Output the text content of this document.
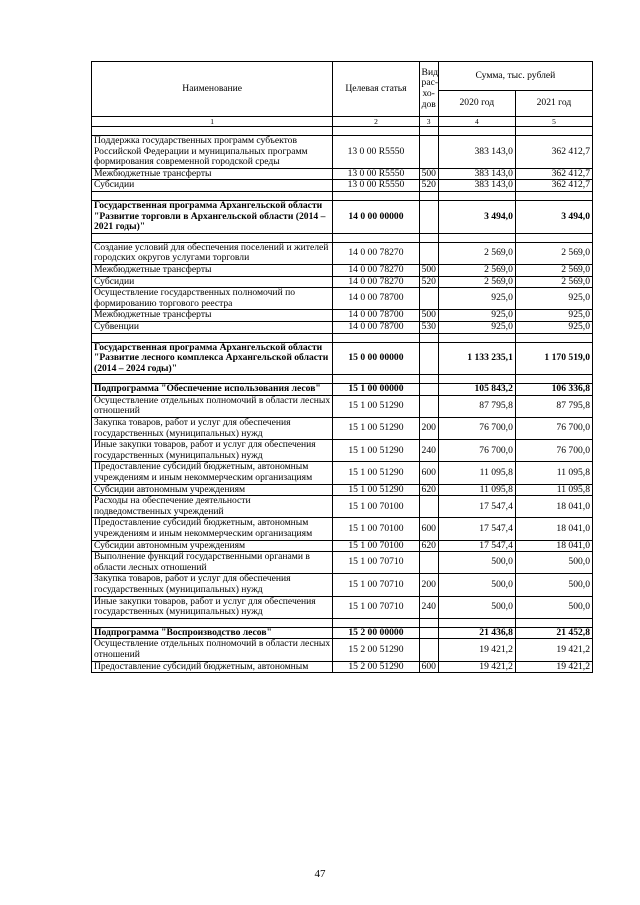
Наименование	Целевая статья	Вид рас-хо-дов	Сумма, тыс. рублей	
			2020 год	2021 год
1	2	3	4	5

Поддержка государственных программ субъектов Российской Федерации и муниципальных программ формирования современной городской среды	13 0 00 R5550		383 143,0	362 412,7
Межбюджетные трансферты	13 0 00 R5550	500	383 143,0	362 412,7
Субсидии	13 0 00 R5550	520	383 143,0	362 412,7

Государственная программа Архангельской области "Развитие торговли в Архангельской области (2014 – 2021 годы)"	14 0 00 00000		3 494,0	3 494,0

Создание условий для обеспечения поселений и жителей городских округов услугами торговли	14 0 00 78270		2 569,0	2 569,0
Межбюджетные трансферты	14 0 00 78270	500	2 569,0	2 569,0
Субсидии	14 0 00 78270	520	2 569,0	2 569,0
Осуществление государственных полномочий по формированию торгового реестра	14 0 00 78700		925,0	925,0
Межбюджетные трансферты	14 0 00 78700	500	925,0	925,0
Субвенции	14 0 00 78700	530	925,0	925,0

Государственная программа Архангельской области "Развитие лесного комплекса Архангельской области (2014 – 2024 годы)"	15 0 00 00000		1 133 235,1	1 170 519,0

Подпрограмма "Обеспечение использования лесов"	15 1 00 00000		105 843,2	106 336,8
Осуществление отдельных полномочий в области лесных отношений	15 1 00 51290		87 795,8	87 795,8
Закупка товаров, работ и услуг для обеспечения государственных (муниципальных) нужд	15 1 00 51290	200	76 700,0	76 700,0
Иные закупки товаров, работ и услуг для обеспечения государственных (муниципальных) нужд	15 1 00 51290	240	76 700,0	76 700,0
Предоставление субсидий бюджетным, автономным учреждениям и иным некоммерческим организациям	15 1 00 51290	600	11 095,8	11 095,8
Субсидии автономным учреждениям	15 1 00 51290	620	11 095,8	11 095,8
Расходы на обеспечение деятельности подведомственных учреждений	15 1 00 70100		17 547,4	18 041,0
Предоставление субсидий бюджетным, автономным учреждениям и иным некоммерческим организациям	15 1 00 70100	600	17 547,4	18 041,0
Субсидии автономным учреждениям	15 1 00 70100	620	17 547,4	18 041,0
Выполнение функций государственными органами в области лесных отношений	15 1 00 70710		500,0	500,0
Закупка товаров, работ и услуг для обеспечения государственных (муниципальных) нужд	15 1 00 70710	200	500,0	500,0
Иные закупки товаров, работ и услуг для обеспечения государственных (муниципальных) нужд	15 1 00 70710	240	500,0	500,0

Подпрограмма "Воспроизводство лесов"	15 2 00 00000		21 436,8	21 452,8
Осуществление отдельных полномочий в области лесных отношений	15 2 00 51290		19 421,2	19 421,2
Предоставление субсидий бюджетным, автономным	15 2 00 51290	600	19 421,2	19 421,2
47
